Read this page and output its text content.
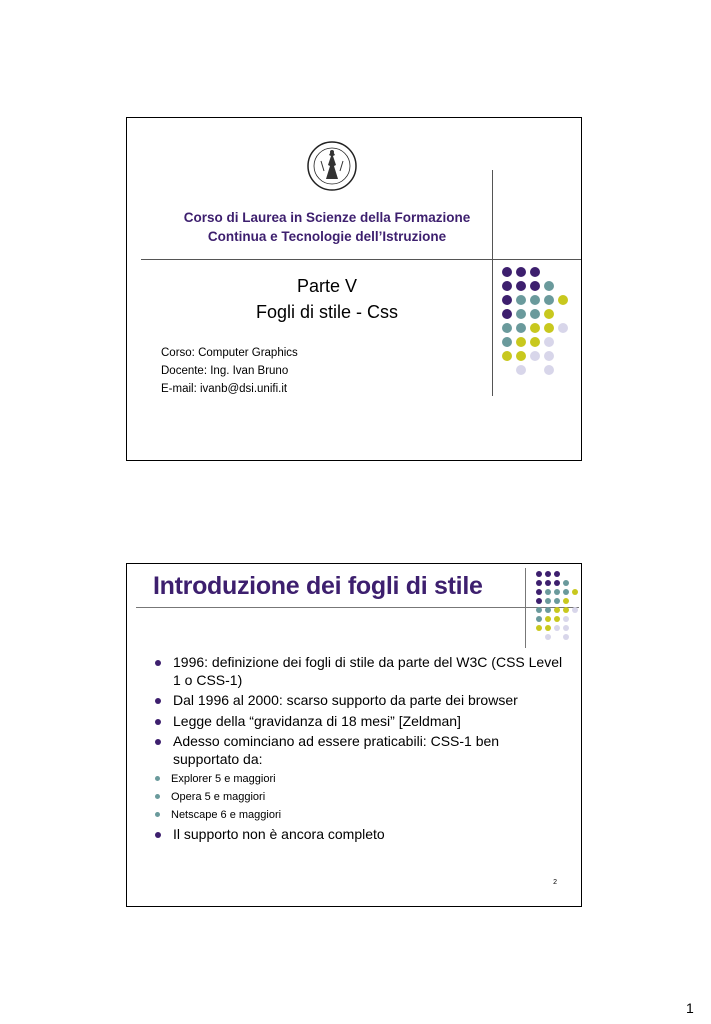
Corso di Laurea in Scienze della Formazione
Continua e Tecnologie dell’Istruzione
Parte V
Fogli di stile - Css
Corso: Computer Graphics
Docente: Ing. Ivan Bruno
E-mail: ivanb@dsi.unifi.it
Introduzione dei fogli di stile
1996: definizione dei fogli di stile da parte del W3C (CSS Level 1 o CSS-1)
Dal 1996 al 2000: scarso supporto da parte dei browser
Legge della “gravidanza di 18 mesi” [Zeldman]
Adesso cominciano ad essere praticabili: CSS-1 ben supportato da:
Explorer 5 e maggiori
Opera 5 e maggiori
Netscape 6 e maggiori
Il supporto non è ancora completo
2
1
